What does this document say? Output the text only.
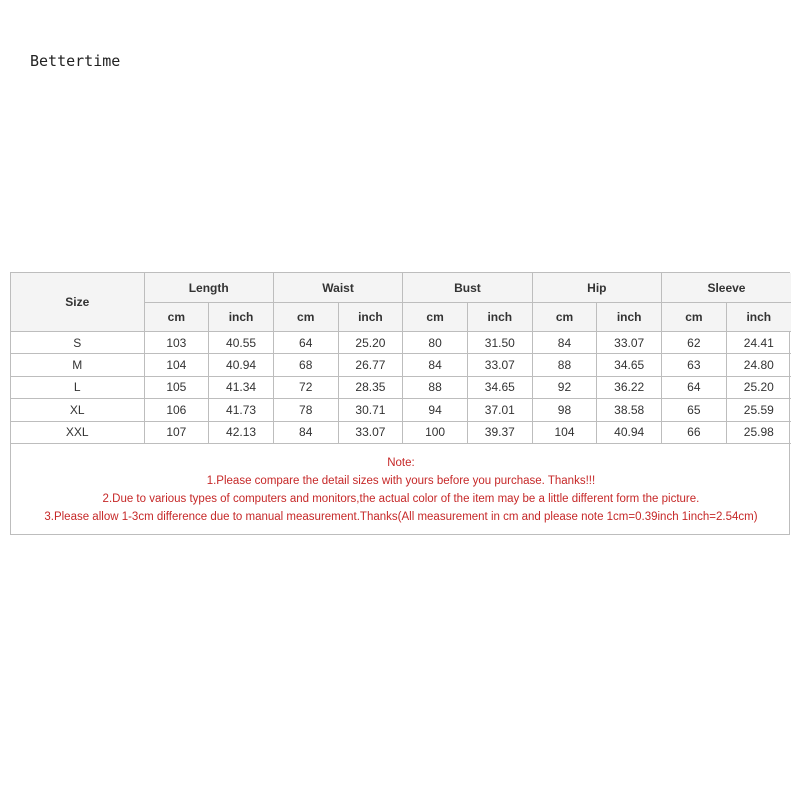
Bettertime
Size	Length		Waist		Bust		Hip		Sleeve	
	cm	inch	cm	inch	cm	inch	cm	inch	cm	inch
S	103	40.55	64	25.20	80	31.50	84	33.07	62	24.41
M	104	40.94	68	26.77	84	33.07	88	34.65	63	24.80
L	105	41.34	72	28.35	88	34.65	92	36.22	64	25.20
XL	106	41.73	78	30.71	94	37.01	98	38.58	65	25.59
XXL	107	42.13	84	33.07	100	39.37	104	40.94	66	25.98

Note:
1.Please compare the detail sizes with yours before you purchase. Thanks!!!
2.Due to various types of computers and monitors,the actual color of the item may be a little different form the picture.
3.Please allow 1-3cm difference due to manual measurement.Thanks(All measurement in cm and please note 1cm=0.39inch 1inch=2.54cm)										
